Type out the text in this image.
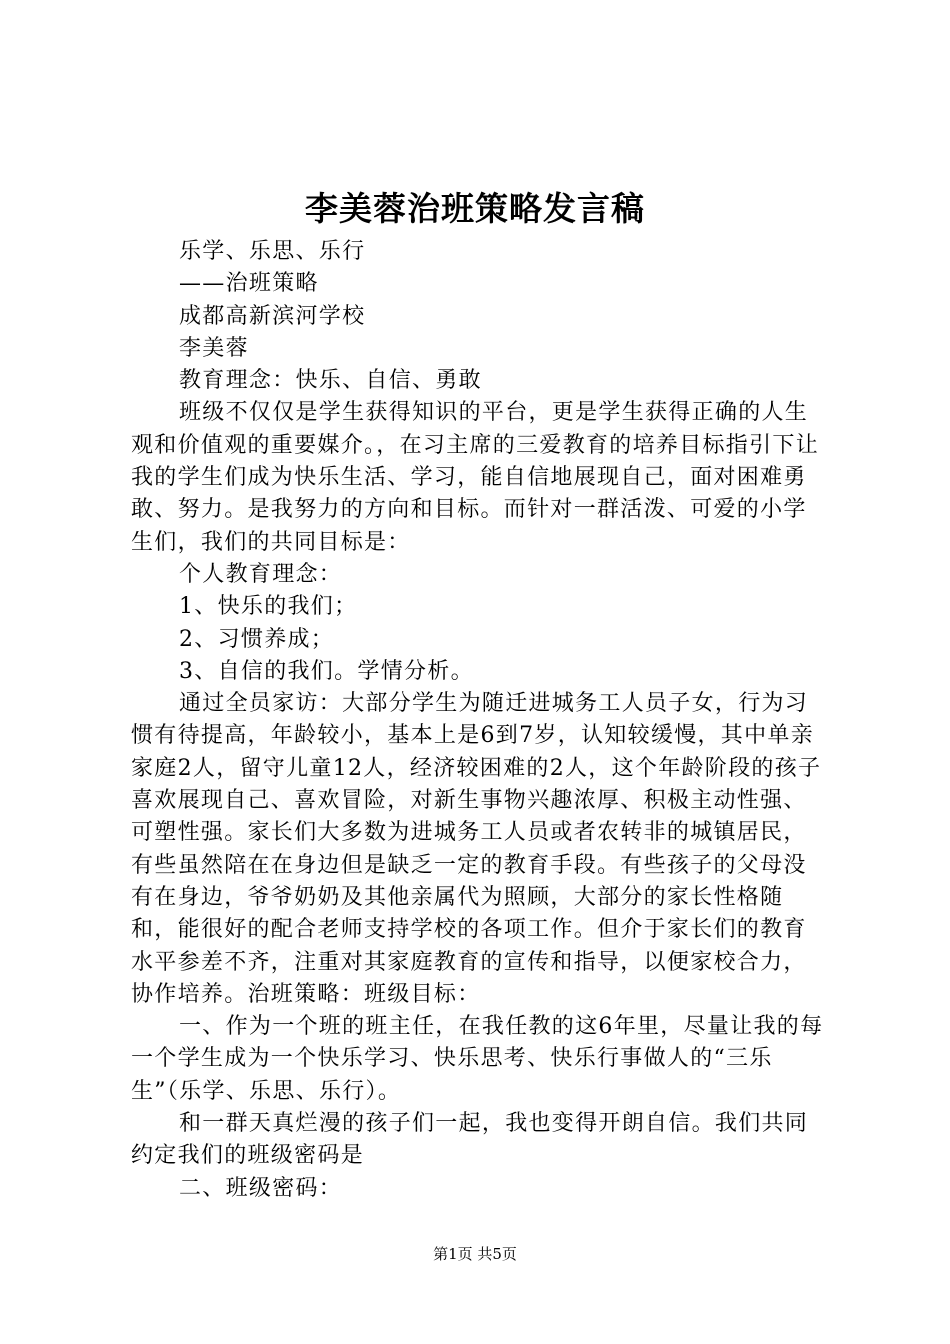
李美蓉治班策略发言稿

乐学、乐思、乐行

——治班策略

成都高新滨河学校

李美蓉

教育理念：快乐、自信、勇敢

班级不仅仅是学生获得知识的平台，更是学生获得正确的人生观和价值观的重要媒介。，在习主席的三爱教育的培养目标指引下让我的学生们成为快乐生活、学习，能自信地展现自己，面对困难勇敢、努力。是我努力的方向和目标。而针对一群活泼、可爱的小学生们，我们的共同目标是：

个人教育理念：

1、快乐的我们；

2、习惯养成；

3、自信的我们。学情分析。

通过全员家访：大部分学生为随迁进城务工人员子女，行为习惯有待提高，年龄较小，基本上是6到7岁，认知较缓慢，其中单亲家庭2人，留守儿童12人，经济较困难的2人，这个年龄阶段的孩子喜欢展现自己、喜欢冒险，对新生事物兴趣浓厚、积极主动性强、可塑性强。家长们大多数为进城务工人员或者农转非的城镇居民，有些虽然陪在在身边但是缺乏一定的教育手段。有些孩子的父母没有在身边，爷爷奶奶及其他亲属代为照顾，大部分的家长性格随和，能很好的配合老师支持学校的各项工作。但介于家长们的教育水平参差不齐，注重对其家庭教育的宣传和指导，以便家校合力，协作培养。治班策略：班级目标：

一、作为一个班的班主任，在我任教的这6年里，尽量让我的每一个学生成为一个快乐学习、快乐思考、快乐行事做人的“三乐生”（乐学、乐思、乐行）。

和一群天真烂漫的孩子们一起，我也变得开朗自信。我们共同约定我们的班级密码是

二、班级密码：

第1页 共5页
